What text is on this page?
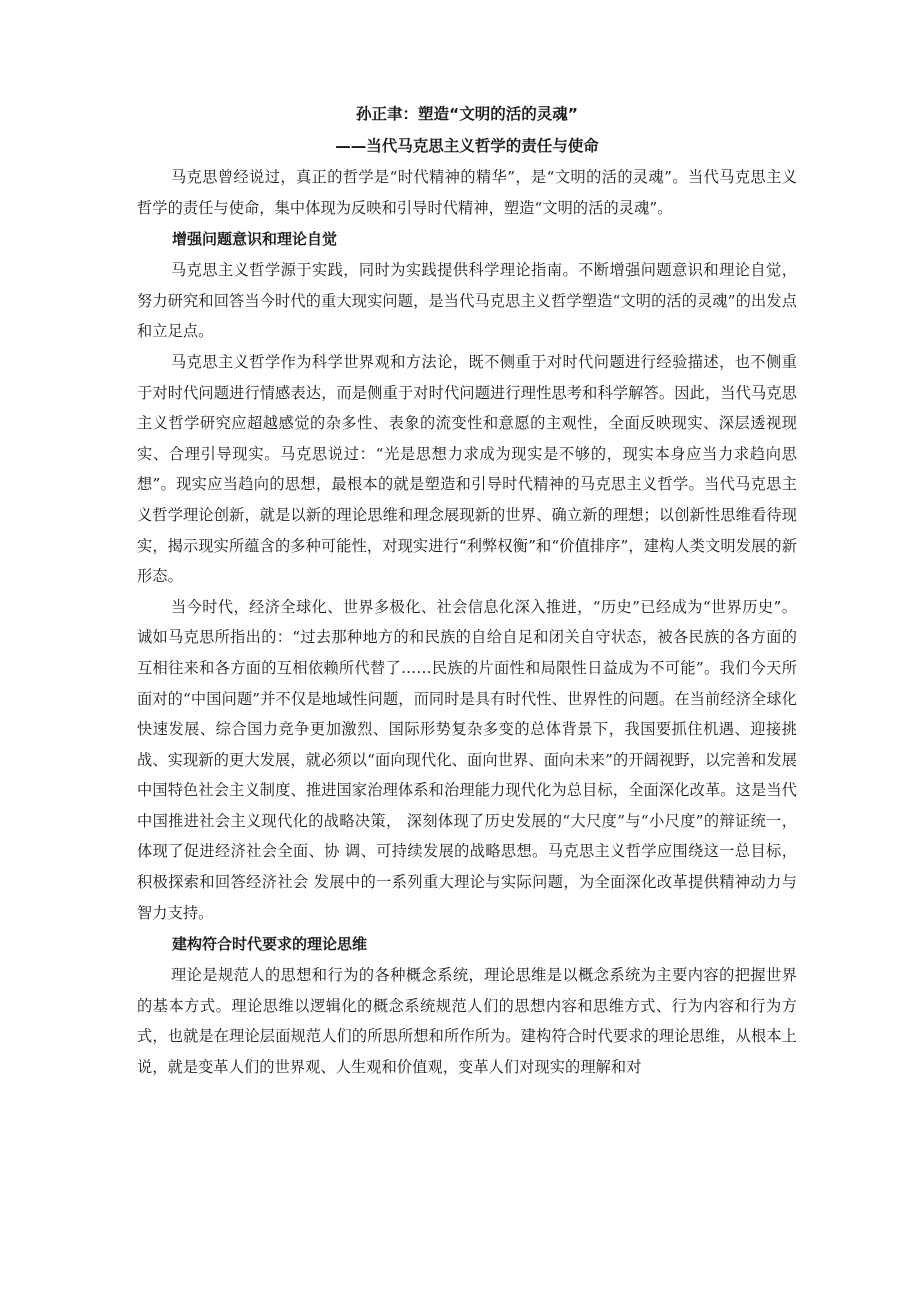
孙正聿：塑造“文明的活的灵魂”

——当代马克思主义哲学的责任与使命

马克思曾经说过，真正的哲学是“时代精神的精华”，是“文明的活的灵魂”。当代马克思主义哲学的责任与使命，集中体现为反映和引导时代精神，塑造“文明的活的灵魂”。

增强问题意识和理论自觉

马克思主义哲学源于实践，同时为实践提供科学理论指南。不断增强问题意识和理论自觉，努力研究和回答当今时代的重大现实问题，是当代马克思主义哲学塑造“文明的活的灵魂”的出发点和立足点。

马克思主义哲学作为科学世界观和方法论，既不侧重于对时代问题进行经验描述，也不侧重于对时代问题进行情感表达，而是侧重于对时代问题进行理性思考和科学解答。因此，当代马克思主义哲学研究应超越感觉的杂多性、表象的流变性和意愿的主观性，全面反映现实、深层透视现实、合理引导现实。马克思说过：“光是思想力求成为现实是不够的，现实本身应当力求趋向思想”。现实应当趋向的思想，最根本的就是塑造和引导时代精神的马克思主义哲学。当代马克思主义哲学理论创新，就是以新的理论思维和理念展现新的世界、确立新的理想；以创新性思维看待现实，揭示现实所蕴含的多种可能性，对现实进行“利弊权衡”和“价值排序”，建构人类文明发展的新形态。

当今时代，经济全球化、世界多极化、社会信息化深入推进，“历史”已经成为“世界历史”。诚如马克思所指出的：“过去那种地方的和民族的自给自足和闭关自守状态，被各民族的各方面的互相往来和各方面的互相依赖所代替了……民族的片面性和局限性日益成为不可能”。我们今天所面对的“中国问题”并不仅是地域性问题，而同时是具有时代性、世界性的问题。在当前经济全球化快速发展、综合国力竞争更加激烈、国际形势复杂多变的总体背景下，我国要抓住机遇、迎接挑战、实现新的更大发展，就必须以“面向现代化、面向世界、面向未来”的开阔视野，以完善和发展中国特色社会主义制度、推进国家治理体系和治理能力现代化为总目标，全面深化改革。这是当代中国推进社会主义现代化的战略决策， 深刻体现了历史发展的“大尺度”与“小尺度”的辩证统一，体现了促进经济社会全面、协 调、可持续发展的战略思想。马克思主义哲学应围绕这一总目标，积极探索和回答经济社会 发展中的一系列重大理论与实际问题，为全面深化改革提供精神动力与智力支持。

建构符合时代要求的理论思维

理论是规范人的思想和行为的各种概念系统，理论思维是以概念系统为主要内容的把握世界的基本方式。理论思维以逻辑化的概念系统规范人们的思想内容和思维方式、行为内容和行为方式，也就是在理论层面规范人们的所思所想和所作所为。建构符合时代要求的理论思维，从根本上说，就是变革人们的世界观、人生观和价值观，变革人们对现实的理解和对
